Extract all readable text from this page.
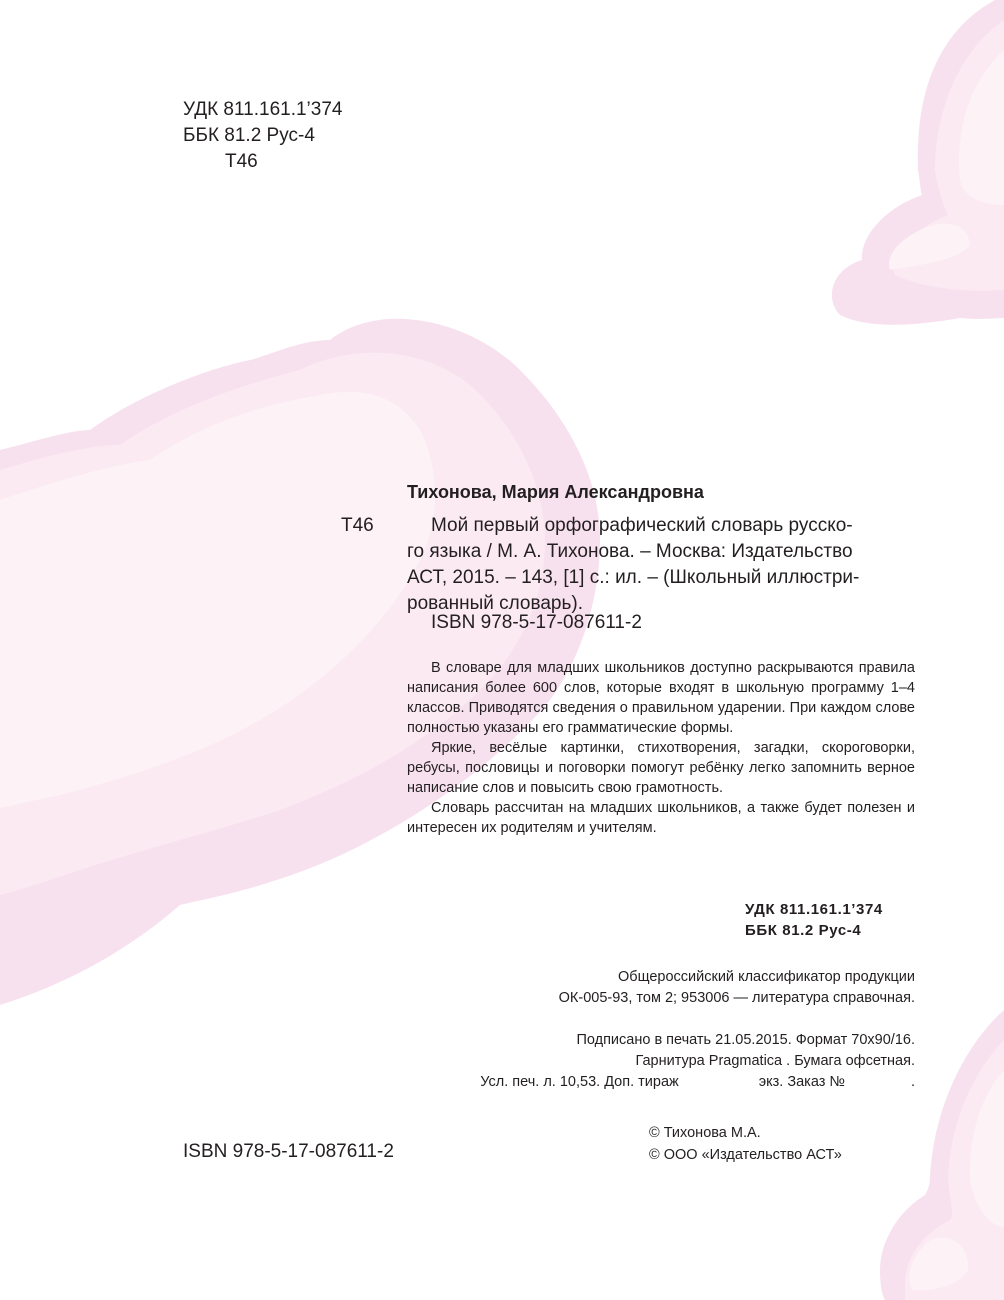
УДК 811.161.1’374
ББК 81.2 Рус-4
Т46
Тихонова, Мария Александровна
Т46	Мой первый орфографический словарь русско-

го языка / М. А. Тихонова. – Москва: Издательство

АСТ, 2015. – 143, [1] с.: ил. – (Школьный иллюстри-

рованный словарь).

ISBN 978-5-17-087611-2

В словаре для младших школьников доступно раскрываются правила написания более 600 слов, которые входят в школьную программу 1–4 классов. Приводятся сведения о правильном ударении. При каждом слове полностью указаны его грамматические формы.

Яркие, весёлые картинки, стихотворения, загадки, скороговорки, ребусы, пословицы и поговорки помогут ребёнку легко запомнить верное написание слов и повысить свою грамотность.

Словарь рассчитан на младших школьников, а также будет полезен и интересен их родителям и учителям.

УДК 811.161.1’374
ББК 81.2 Рус-4
Общероссийский классификатор продукции
ОК-005-93, том 2; 953006 — литература справочная.
Подписано в печать 21.05.2015. Формат 70x90/16.
Гарнитура Pragmatica . Бумага офсетная.
Усл. печ. л. 10,53. Доп. тираж	экз. Заказ №	.
ISBN 978-5-17-087611-2
© Тихонова М.А.
© ООО «Издательство АСТ»
